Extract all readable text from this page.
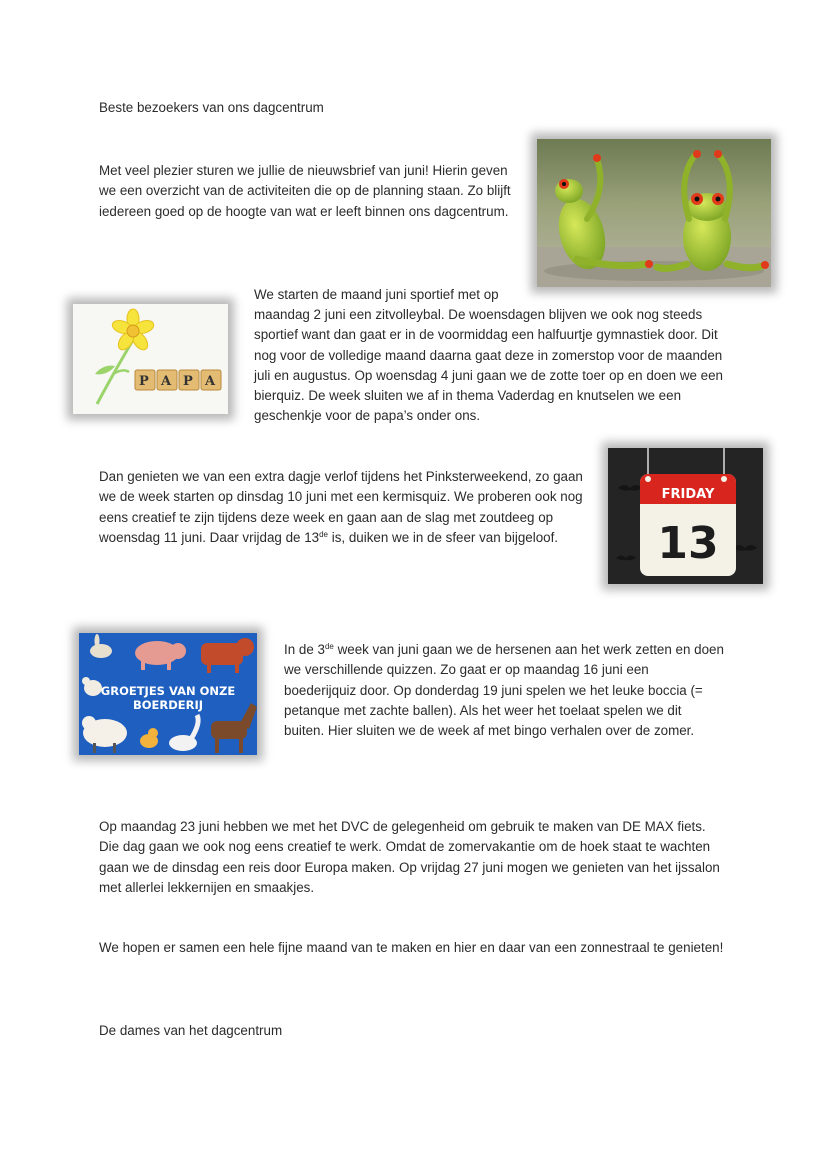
Beste bezoekers van ons dagcentrum

Met veel plezier sturen we jullie de nieuwsbrief van juni! Hierin geven we een overzicht van de activiteiten die op de planning staan. Zo blijft iedereen goed op de hoogte van wat er leeft binnen ons dagcentrum.

We starten de maand juni sportief met op

maandag 2 juni een zitvolleybal. De woensdagen blijven we ook nog steeds sportief want dan gaat er in de voormiddag een halfuurtje gymnastiek door. Dit nog voor de volledige maand daarna gaat deze in zomerstop voor de maanden juli en augustus. Op woensdag 4 juni gaan we de zotte toer op en doen we een bierquiz. De week sluiten we af in thema Vaderdag en knutselen we een geschenkje voor de papa’s onder ons.

P A P A

Dan genieten we van een extra dagje verlof tijdens het Pinksterweekend, zo gaan we de week starten op dinsdag 10 juni met een kermisquiz. We proberen ook nog eens creatief te zijn tijdens deze week en gaan aan de slag met zoutdeeg op woensdag 11 juni. Daar vrijdag de 13de is, duiken we in de sfeer van bijgeloof.

FRIDAY
13
GROETJES VAN ONZE
BOERDERIJ

In de 3de week van juni gaan we de hersenen aan het werk zetten en doen we verschillende quizzen. Zo gaat er op maandag 16 juni een boederijquiz door. Op donderdag 19 juni spelen we het leuke boccia (= petanque met zachte ballen). Als het weer het toelaat spelen we dit buiten. Hier sluiten we de week af met bingo verhalen over de zomer.

Op maandag 23 juni hebben we met het DVC de gelegenheid om gebruik te maken van DE MAX fiets. Die dag gaan we ook nog eens creatief te werk. Omdat de zomervakantie om de hoek staat te wachten gaan we de dinsdag een reis door Europa maken. Op vrijdag 27 juni mogen we genieten van het ijssalon met allerlei lekkernijen en smaakjes.

We hopen er samen een hele fijne maand van te maken en hier en daar van een zonnestraal te genieten!

De dames van het dagcentrum
